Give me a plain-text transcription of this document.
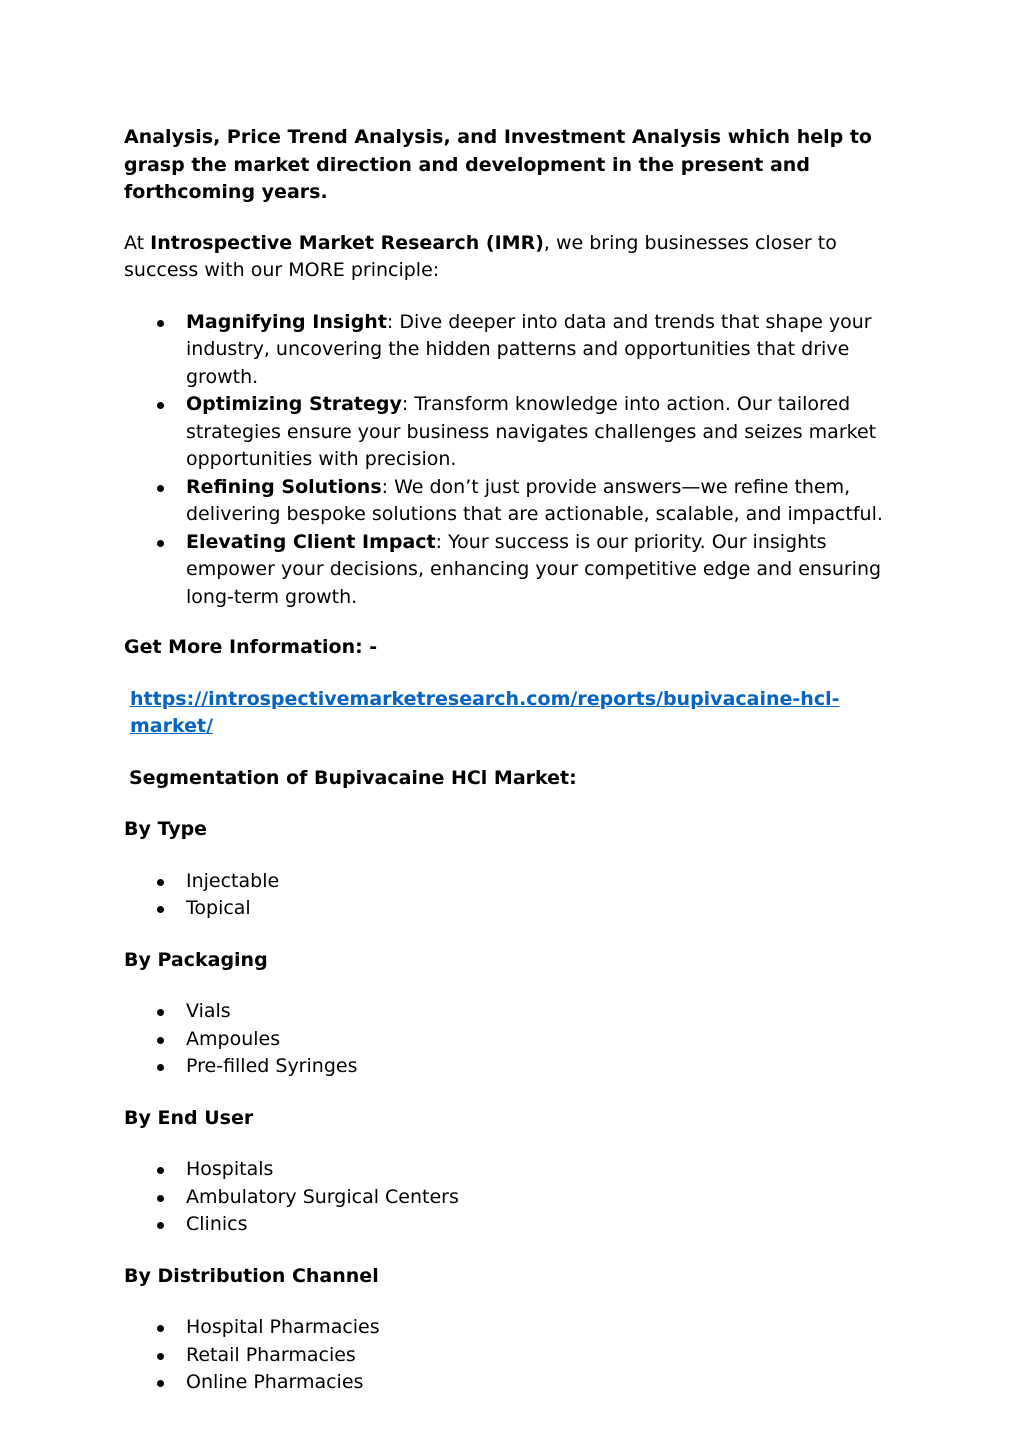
Analysis, Price Trend Analysis, and Investment Analysis which help to grasp the market direction and development in the present and forthcoming years.

At Introspective Market Research (IMR), we bring businesses closer to success with our MORE principle:

Magnifying Insight: Dive deeper into data and trends that shape your industry, uncovering the hidden patterns and opportunities that drive growth.
Optimizing Strategy: Transform knowledge into action. Our tailored strategies ensure your business navigates challenges and seizes market opportunities with precision.
Refining Solutions: We don’t just provide answers—we refine them, delivering bespoke solutions that are actionable, scalable, and impactful.
Elevating Client Impact: Your success is our priority. Our insights empower your decisions, enhancing your competitive edge and ensuring long-term growth.

Get More Information: -

https://introspectivemarketresearch.com/reports/bupivacaine-hcl-market/

Segmentation of Bupivacaine HCl Market:

By Type

Injectable
Topical

By Packaging

Vials
Ampoules
Pre-filled Syringes

By End User

Hospitals
Ambulatory Surgical Centers
Clinics

By Distribution Channel

Hospital Pharmacies
Retail Pharmacies
Online Pharmacies
